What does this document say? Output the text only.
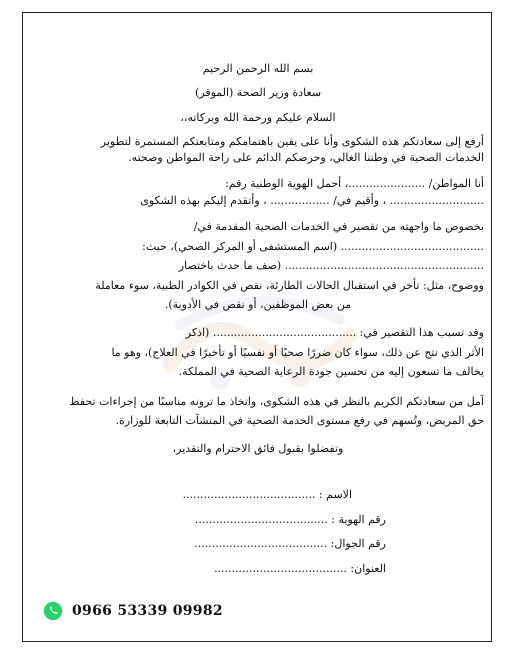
بسم الله الرحمن الرحيم
سعادة وزير الصحة (الموقر)
السلام عليكم ورحمة الله وبركاته،،
أرفع إلى سعادتكم هذه الشكوى وأنا على يقين باهتمامكم ومتابعتكم المستمرة لتطوير
الخدمات الصحية في وطننا الغالي، وحرصكم الدائم على راحة المواطن وصحته.
أنا المواطن/ ......................، أحمل الهوية الوطنية رقم:
........................... ، وأقيم في/ ................. ، وأتقدم إليكم بهذه الشكوى
بخصوص ما واجهته من تقصير في الخدمات الصحية المقدمة في/
......................................... (اسم المستشفى أو المركز الصحي)، حيث:
......................................................... (صف ما حدث باختصار
ووضوح، مثل: تأخر في استقبال الحالات الطارئة، نقص في الكوادر الطبية، سوء معاملة
من بعض الموظفين، أو نقص في الأدوية).
وقد تسبب هذا التقصير في: ......................................... (اذكر
الأثر الذي نتج عن ذلك، سواء كان ضررًا صحيًا أو نفسيًا أو تأخيرًا في العلاج)، وهو ما
يخالف ما تسعون إليه من تحسين جودة الرعاية الصحية في المملكة.
آمل من سعادتكم الكريم بالنظر في هذه الشكوى، واتخاذ ما ترونه مناسبًا من إجراءات تحفظ
حق المريض، وتُسهم في رفع مستوى الخدمة الصحية في المنشآت التابعة للوزارة.
وتفضلوا بقبول فائق الاحترام والتقدير،
الاسم : ......................................
رقم الهوية : ......................................
رقم الجوال: ......................................
العنوان: ......................................
0966 53339 09982
